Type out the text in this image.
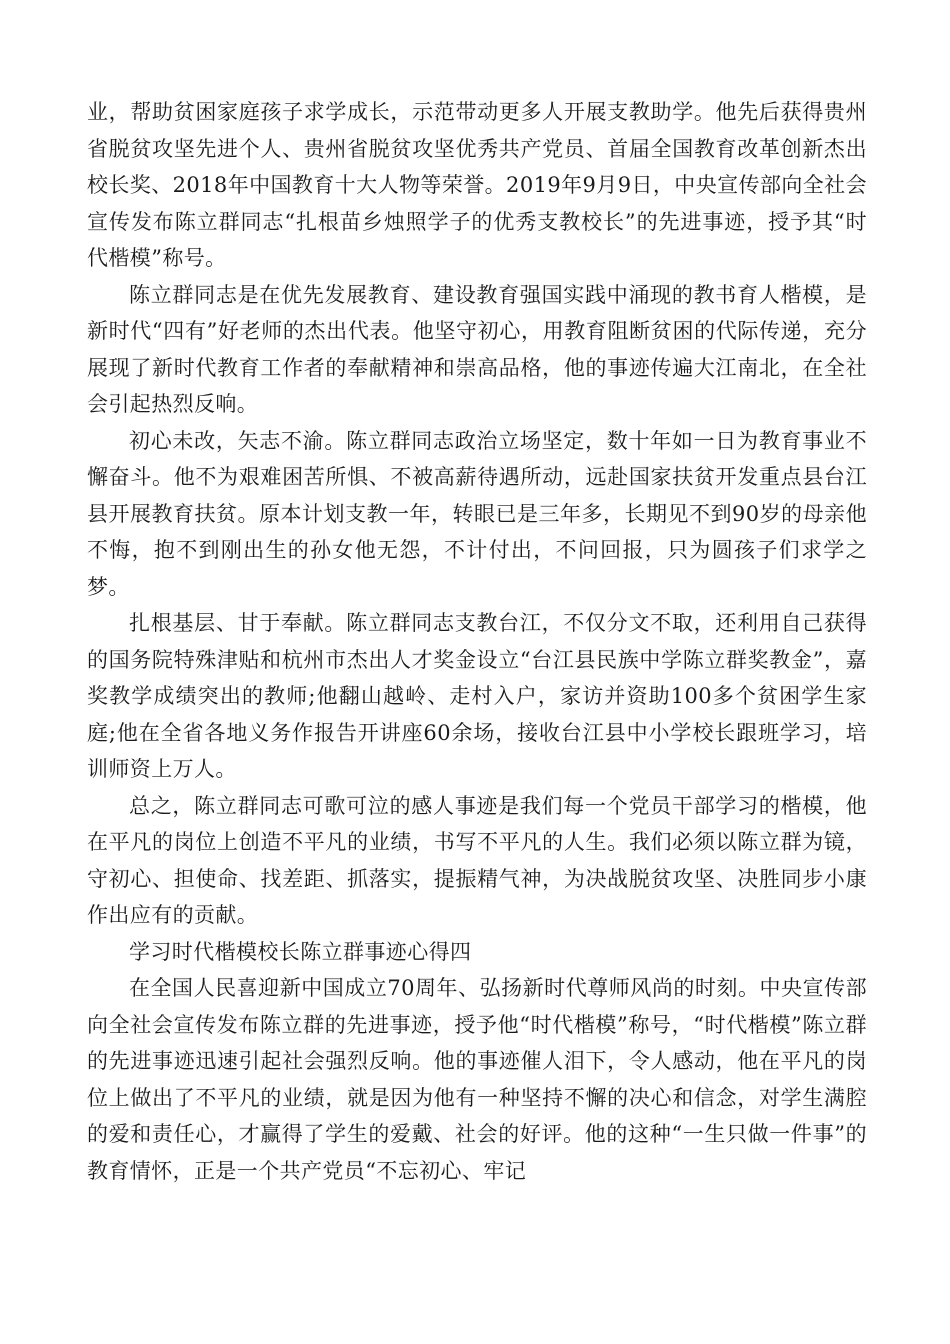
业，帮助贫困家庭孩子求学成长，示范带动更多人开展支教助学。他先后获得贵州省脱贫攻坚先进个人、贵州省脱贫攻坚优秀共产党员、首届全国教育改革创新杰出校长奖、2018年中国教育十大人物等荣誉。2019年9月9日，中央宣传部向全社会宣传发布陈立群同志“扎根苗乡烛照学子的优秀支教校长”的先进事迹，授予其“时代楷模”称号。

陈立群同志是在优先发展教育、建设教育强国实践中涌现的教书育人楷模，是新时代“四有”好老师的杰出代表。他坚守初心，用教育阻断贫困的代际传递，充分展现了新时代教育工作者的奉献精神和崇高品格，他的事迹传遍大江南北，在全社会引起热烈反响。

初心未改，矢志不渝。陈立群同志政治立场坚定，数十年如一日为教育事业不懈奋斗。他不为艰难困苦所惧、不被高薪待遇所动，远赴国家扶贫开发重点县台江县开展教育扶贫。原本计划支教一年，转眼已是三年多，长期见不到90岁的母亲他不悔，抱不到刚出生的孙女他无怨，不计付出，不问回报，只为圆孩子们求学之梦。

扎根基层、甘于奉献。陈立群同志支教台江，不仅分文不取，还利用自己获得的国务院特殊津贴和杭州市杰出人才奖金设立“台江县民族中学陈立群奖教金”，嘉奖教学成绩突出的教师;他翻山越岭、走村入户，家访并资助100多个贫困学生家庭;他在全省各地义务作报告开讲座60余场，接收台江县中小学校长跟班学习，培训师资上万人。

总之，陈立群同志可歌可泣的感人事迹是我们每一个党员干部学习的楷模，他在平凡的岗位上创造不平凡的业绩，书写不平凡的人生。我们必须以陈立群为镜，守初心、担使命、找差距、抓落实，提振精气神，为决战脱贫攻坚、决胜同步小康作出应有的贡献。

学习时代楷模校长陈立群事迹心得四

在全国人民喜迎新中国成立70周年、弘扬新时代尊师风尚的时刻。中央宣传部向全社会宣传发布陈立群的先进事迹，授予他“时代楷模”称号，“时代楷模”陈立群的先进事迹迅速引起社会强烈反响。他的事迹催人泪下，令人感动，他在平凡的岗位上做出了不平凡的业绩，就是因为他有一种坚持不懈的决心和信念，对学生满腔的爱和责任心，才赢得了学生的爱戴、社会的好评。他的这种“一生只做一件事”的教育情怀，正是一个共产党员“不忘初心、牢记
